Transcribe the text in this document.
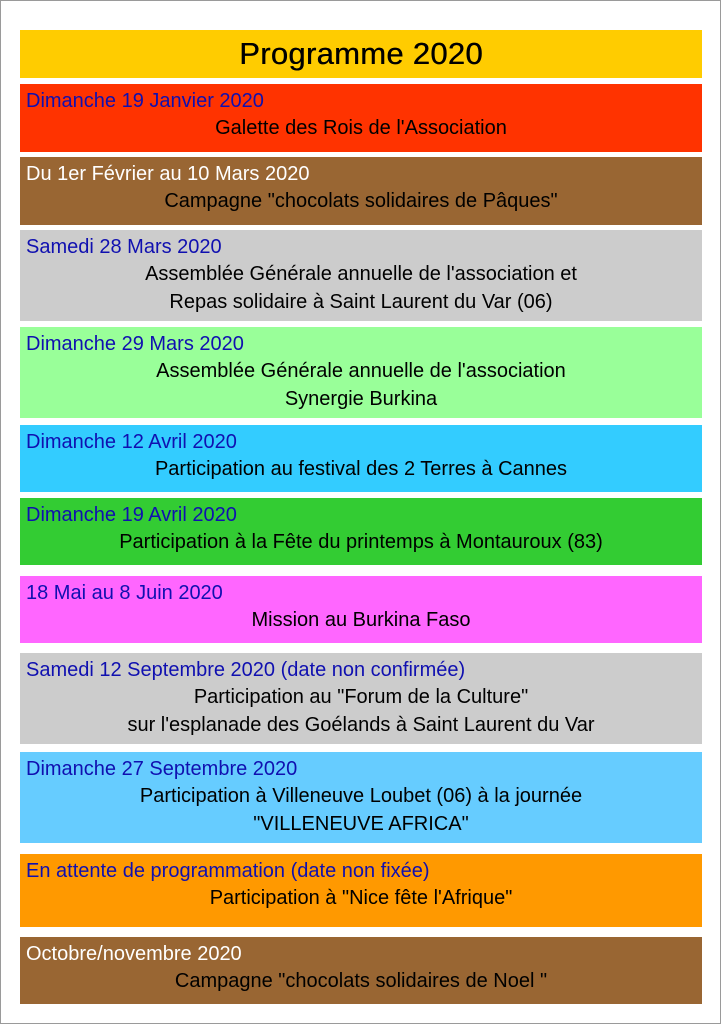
Programme 2020
Dimanche 19 Janvier 2020
Galette des Rois de l'Association
Du 1er Février au 10 Mars 2020
Campagne "chocolats solidaires de Pâques"
Samedi 28 Mars 2020
Assemblée Générale annuelle de l'association et
Repas solidaire à Saint Laurent du Var (06)
Dimanche 29 Mars 2020
Assemblée Générale annuelle de l'association
Synergie Burkina
Dimanche 12 Avril 2020
Participation au festival des 2 Terres à Cannes
Dimanche 19 Avril 2020
Participation à la Fête du printemps à Montauroux (83)
18 Mai au 8 Juin 2020
Mission au Burkina Faso
Samedi 12 Septembre 2020 (date non confirmée)
Participation au "Forum de la Culture"
sur l'esplanade des Goélands à Saint Laurent du Var
Dimanche 27 Septembre 2020
Participation à Villeneuve Loubet (06) à la journée
"VILLENEUVE AFRICA"
En attente de programmation (date non fixée)
Participation à "Nice fête l'Afrique"
Octobre/novembre 2020
Campagne "chocolats solidaires de Noel "
